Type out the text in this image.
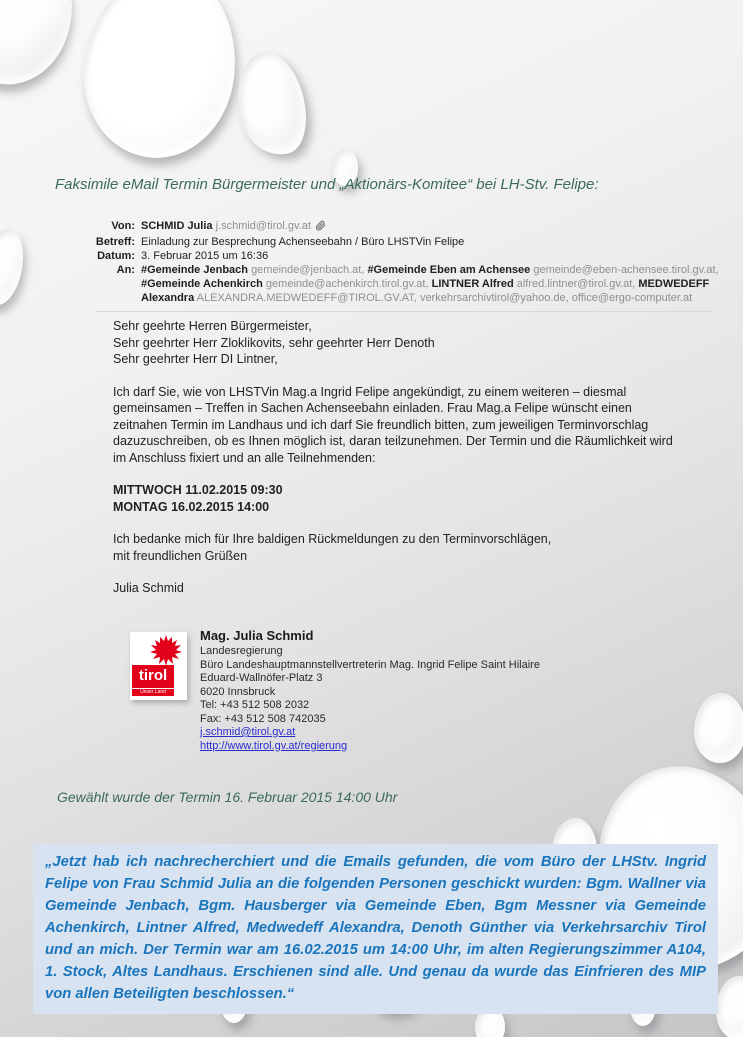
Faksimile eMail Termin Bürgermeister und „Aktionärs-Komitee“ bei LH-Stv. Felipe:
Von: SCHMID Julia j.schmid@tirol.gv.at
Betreff: Einladung zur Besprechung Achenseebahn / Büro LHSTVin Felipe
Datum: 3. Februar 2015 um 16:36
An: #Gemeinde Jenbach gemeinde@jenbach.at, #Gemeinde Eben am Achensee gemeinde@eben-achensee.tirol.gv.at, #Gemeinde Achenkirch gemeinde@achenkirch.tirol.gv.at, LINTNER Alfred alfred.lintner@tirol.gv.at, MEDWEDEFF Alexandra ALEXANDRA.MEDWEDEFF@TIROL.GV.AT, verkehrsarchivtirol@yahoo.de, office@ergo-computer.at

Sehr geehrte Herren Bürgermeister,

Sehr geehrter Herr Zloklikovits, sehr geehrter Herr Denoth

Sehr geehrter Herr DI Lintner,

Ich darf Sie, wie von LHSTVin Mag.a Ingrid Felipe angekündigt, zu einem weiteren – diesmal gemeinsamen – Treffen in Sachen Achenseebahn einladen. Frau Mag.a Felipe wünscht einen zeitnahen Termin im Landhaus und ich darf Sie freundlich bitten, zum jeweiligen Terminvorschlag dazuzuschreiben, ob es Ihnen möglich ist, daran teilzunehmen. Der Termin und die Räumlichkeit wird im Anschluss fixiert und an alle Teilnehmenden:

MITTWOCH 11.02.2015 09:30

MONTAG 16.02.2015 14:00

Ich bedanke mich für Ihre baldigen Rückmeldungen zu den Terminvorschlägen,

mit freundlichen Grüßen

Julia Schmid

tirol
Unser Land
Mag. Julia Schmid
Landesregierung
Büro Landeshauptmannstellvertreterin Mag. Ingrid Felipe Saint Hilaire
Eduard-Wallnöfer-Platz 3
6020 Innsbruck
Tel: +43 512 508 2032
Fax: +43 512 508 742035
j.schmid@tirol.gv.at
http://www.tirol.gv.at/regierung
Gewählt wurde der Termin 16. Februar 2015 14:00 Uhr
„Jetzt hab ich nachrecherchiert und die Emails gefunden, die vom Büro der LHStv. Ingrid Felipe von Frau Schmid Julia an die folgenden Personen geschickt wurden: Bgm. Wallner via Gemeinde Jenbach, Bgm. Hausberger via Gemeinde Eben, Bgm Messner via Gemeinde Achenkirch, Lintner Alfred, Medwedeff Alexandra, Denoth Günther via Verkehrsarchiv Tirol und an mich. Der Termin war am 16.02.2015 um 14:00 Uhr, im alten Regierungszimmer A104, 1. Stock, Altes Landhaus. Erschienen sind alle. Und genau da wurde das Einfrieren des MIP von allen Beteiligten beschlossen.“
